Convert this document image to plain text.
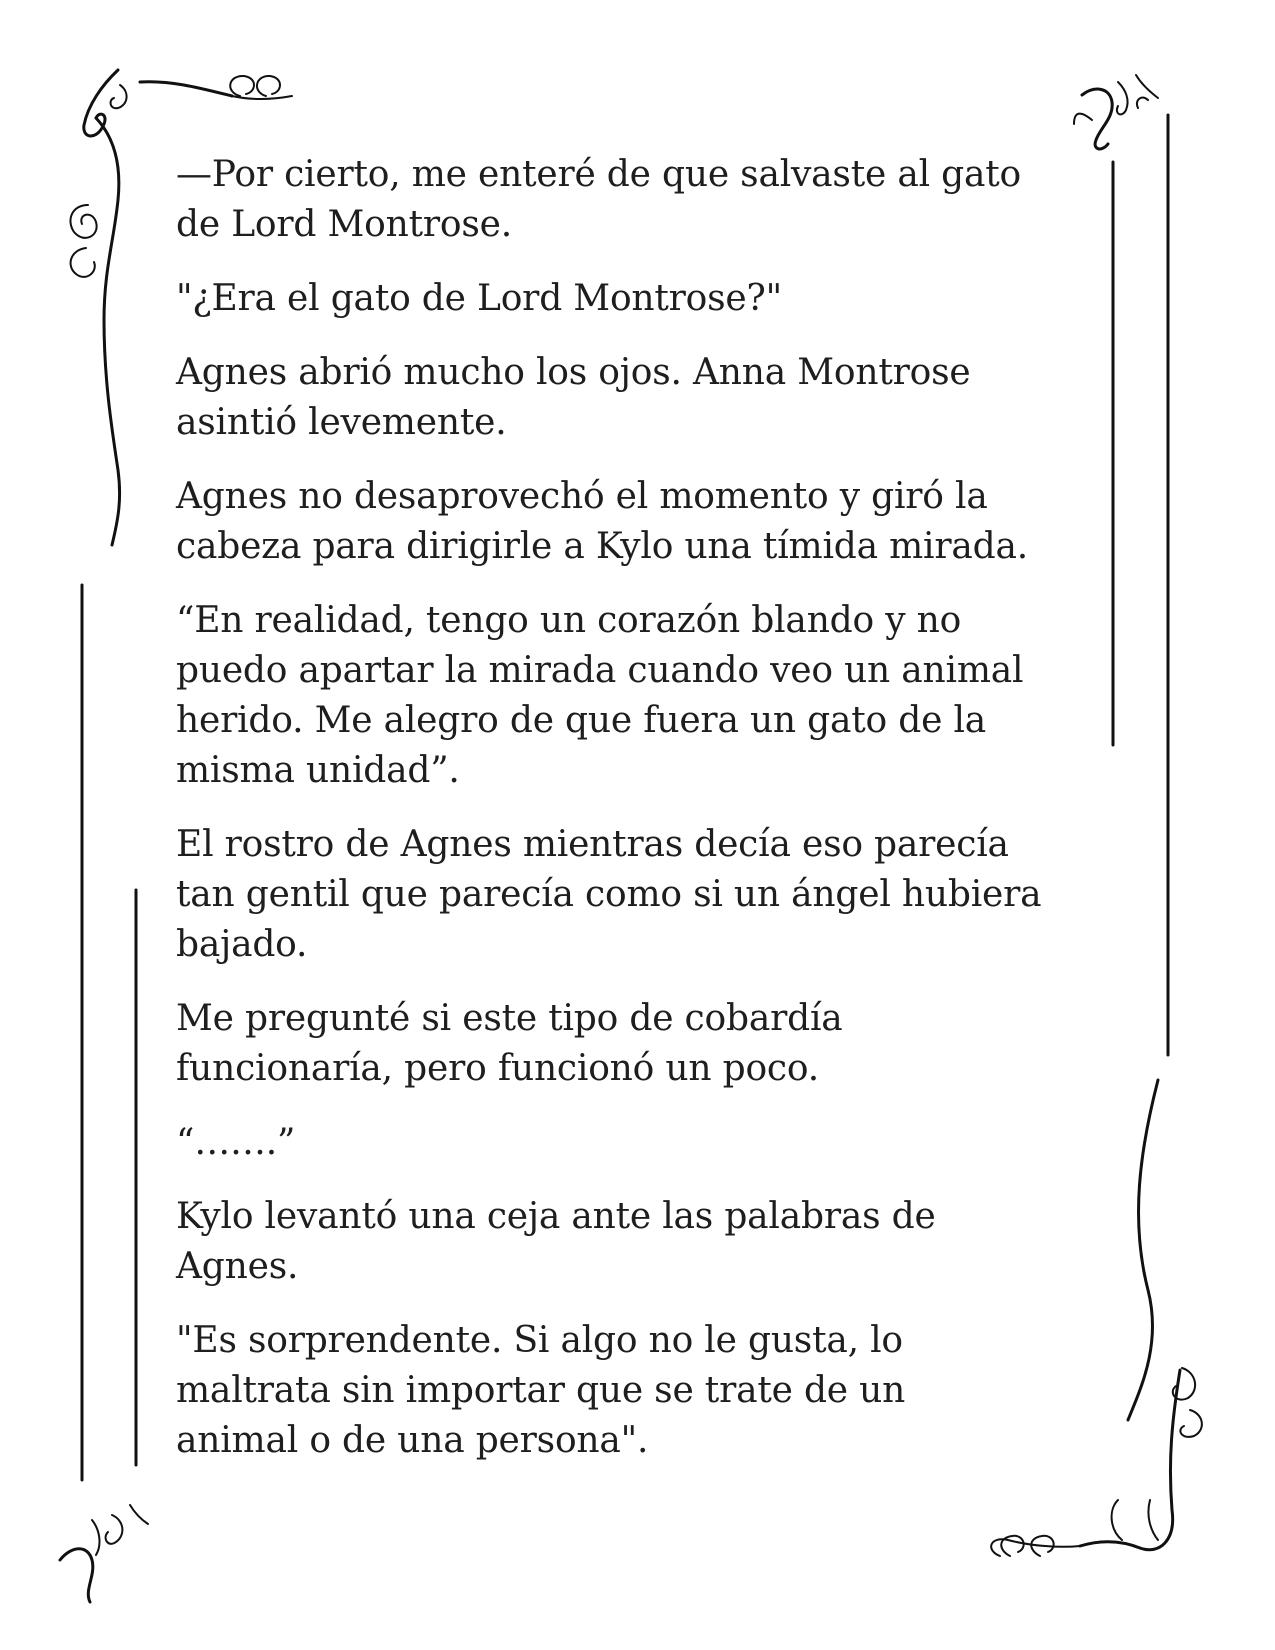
—Por cierto, me enteré de que salvaste al gato
de Lord Montrose.

"¿Era el gato de Lord Montrose?"

Agnes abrió mucho los ojos. Anna Montrose
asintió levemente.

Agnes no desaprovechó el momento y giró la
cabeza para dirigirle a Kylo una tímida mirada.

“En realidad, tengo un corazón blando y no
puedo apartar la mirada cuando veo un animal
herido. Me alegro de que fuera un gato de la
misma unidad”.

El rostro de Agnes mientras decía eso parecía
tan gentil que parecía como si un ángel hubiera
bajado.

Me pregunté si este tipo de cobardía
funcionaría, pero funcionó un poco.

“…….”

Kylo levantó una ceja ante las palabras de
Agnes.

"Es sorprendente. Si algo no le gusta, lo
maltrata sin importar que se trate de un
animal o de una persona".
